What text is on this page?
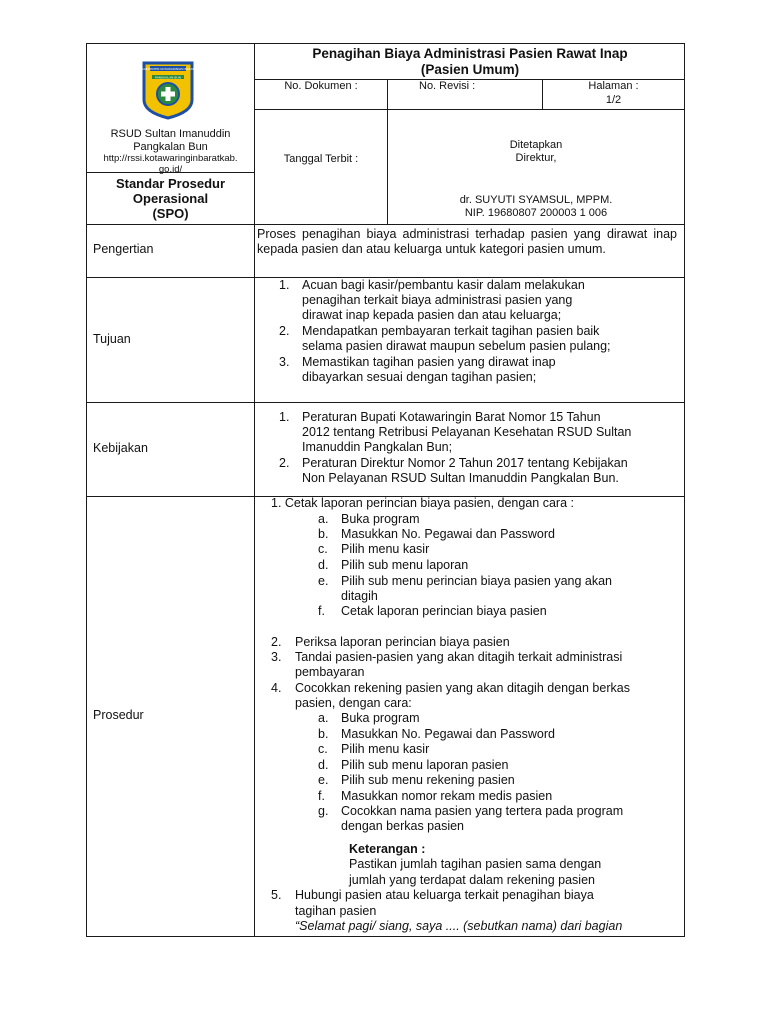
Penagihan Biaya Administrasi Pasien Rawat Inap
(Pasien Umum)
No. Dokumen :	No. Revisi :	Halaman :
1/2
Tanggal Terbit :
Ditetapkan
Direktur,
dr. SUYUTI SYAMSUL, MPPM.
NIP. 19680807 200003 1 006
KABUPATEN KOTAWARINGIN BARAT
PANGKALAN BUN
RSUD Sultan Imanuddin
Pangkalan Bun
http://rssi.kotawaringinbaratkab.
go.id/
Standar Prosedur
Operasional
(SPO)
Pengertian
Proses penagihan biaya administrasi terhadap pasien yang dirawat inap kepada pasien dan atau keluarga untuk kategori pasien umum.
Tujuan
1. Acuan bagi kasir/pembantu kasir dalam melakukan
penagihan terkait biaya administrasi pasien yang
dirawat inap kepada pasien dan atau keluarga;
2. Mendapatkan pembayaran terkait tagihan pasien baik
selama pasien dirawat maupun sebelum pasien pulang;
3. Memastikan tagihan pasien yang dirawat inap
dibayarkan sesuai dengan tagihan pasien;
Kebijakan
1. Peraturan Bupati Kotawaringin Barat Nomor 15 Tahun
2012 tentang Retribusi Pelayanan Kesehatan RSUD Sultan
Imanuddin Pangkalan Bun;
2. Peraturan Direktur Nomor 2 Tahun 2017 tentang Kebijakan
Non Pelayanan RSUD Sultan Imanuddin Pangkalan Bun.
Prosedur
1. Cetak laporan perincian biaya pasien, dengan cara :
a. Buka program
b. Masukkan No. Pegawai dan Password
c. Pilih menu kasir
d. Pilih sub menu laporan
e. Pilih sub menu perincian biaya pasien yang akan
ditagih
f. Cetak laporan perincian biaya pasien
2. Periksa laporan perincian biaya pasien
3. Tandai pasien-pasien yang akan ditagih terkait administrasi
pembayaran
4. Cocokkan rekening pasien yang akan ditagih dengan berkas
pasien, dengan cara:
a. Buka program
b. Masukkan No. Pegawai dan Password
c. Pilih menu kasir
d. Pilih sub menu laporan pasien
e. Pilih sub menu rekening pasien
f. Masukkan nomor rekam medis pasien
g. Cocokkan nama pasien yang tertera pada program
dengan berkas pasien
Keterangan :
Pastikan jumlah tagihan pasien sama dengan
jumlah yang terdapat dalam rekening pasien
5. Hubungi pasien atau keluarga terkait penagihan biaya
tagihan pasien
“Selamat pagi/ siang, saya .... (sebutkan nama) dari bagian
